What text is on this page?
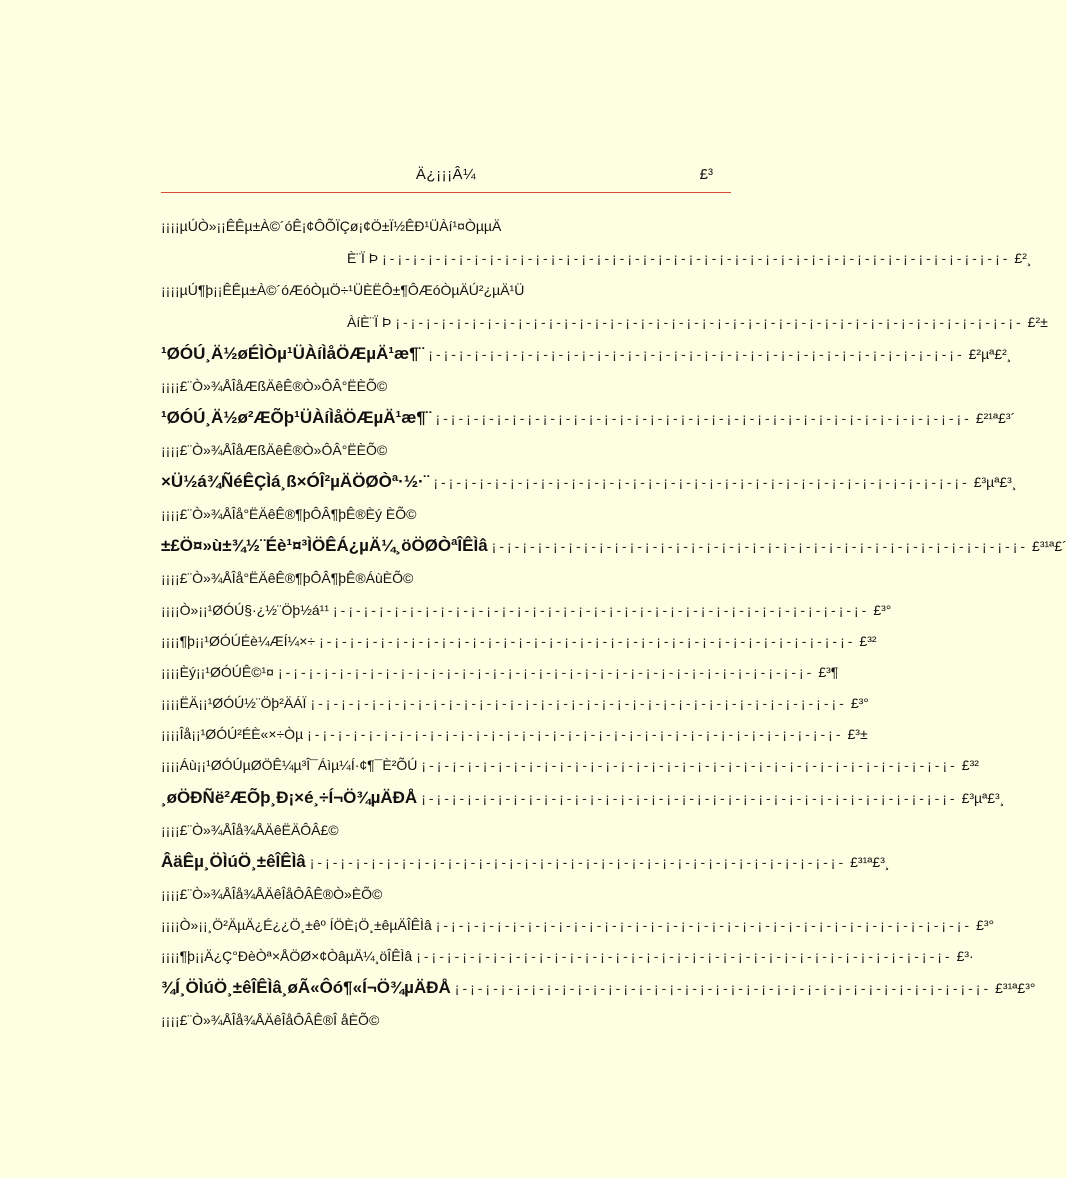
Ä¿¡¡¡Â¼	£³
¡¡¡¡µÚÒ»¡¡ÊÊµ±À©´óÊ¡¢ÔÕÏÇø¡¢Ö±Ï½ÊÐ¹ÜÀí¹¤ÒµµÄ
È¨Ï Þ ¡-¡-¡-¡-¡-¡-¡-¡-¡-¡-¡-¡-¡-¡-¡-¡-¡-¡-¡-¡-¡-¡-¡-¡-¡-¡-¡-¡-¡-¡-¡-¡-¡-¡-¡-¡-¡-¡-¡-¡-¡- £²¸
¡¡¡¡µÚ¶þ¡¡ÊÊµ±À©´óÆóÒµÖ÷¹ÜÈËÔ±¶ÔÆóÒµÄÚ²¿µÄ¹Ü
ÀíÈ¨Ï Þ ¡-¡-¡-¡-¡-¡-¡-¡-¡-¡-¡-¡-¡-¡-¡-¡-¡-¡-¡-¡-¡-¡-¡-¡-¡-¡-¡-¡-¡-¡-¡-¡-¡-¡-¡-¡-¡-¡-¡-¡-¡- £²±
¹ØÓÚ¸Ä½øÉÌÒµ¹ÜÀíÌåÖÆµÄ¹æ¶¨ ¡-¡-¡-¡-¡-¡-¡-¡-¡-¡-¡-¡-¡-¡-¡-¡-¡-¡-¡-¡-¡-¡-¡-¡-¡-¡-¡-¡-¡-¡-¡-¡-¡-¡-¡- £²µª£²¸
¡¡¡¡£¨Ò»¾ÅÎåÆßÄêÊ®Ò»ÔÂ°ËÈÕ©
¹ØÓÚ¸Ä½ø²ÆÕþ¹ÜÀíÌåÖÆµÄ¹æ¶¨ ¡-¡-¡-¡-¡-¡-¡-¡-¡-¡-¡-¡-¡-¡-¡-¡-¡-¡-¡-¡-¡-¡-¡-¡-¡-¡-¡-¡-¡-¡-¡-¡-¡-¡-¡- £²¹ª£³´
¡¡¡¡£¨Ò»¾ÅÎåÆßÄêÊ®Ò»ÔÂ°ËÈÕ©
×Ü½á¾ÑéÊÇÌá¸ß×ÓÎ²µÄÖØÒª·½·¨ ¡-¡-¡-¡-¡-¡-¡-¡-¡-¡-¡-¡-¡-¡-¡-¡-¡-¡-¡-¡-¡-¡-¡-¡-¡-¡-¡-¡-¡-¡-¡-¡-¡-¡-¡- £³µª£³¸
¡¡¡¡£¨Ò»¾ÅÎå°ËÄêÊ®¶þÔÂ¶þÊ®Èý ÈÕ©
±£Ö¤»ù±¾½¨Éè¹¤³ÌÖÊÁ¿µÄ¼¸öÖØÒªÎÊÌâ ¡-¡-¡-¡-¡-¡-¡-¡-¡-¡-¡-¡-¡-¡-¡-¡-¡-¡-¡-¡-¡-¡-¡-¡-¡-¡-¡-¡-¡-¡-¡-¡-¡-¡-¡- £³¹ª£´
¡¡¡¡£¨Ò»¾ÅÎå°ËÄêÊ®¶þÔÂ¶þÊ®ÁùÈÕ©
¡¡¡¡Ò»¡¡¹ØÓÚ§·¿½¨Öþ½á¹¹ ¡-¡-¡-¡-¡-¡-¡-¡-¡-¡-¡-¡-¡-¡-¡-¡-¡-¡-¡-¡-¡-¡-¡-¡-¡-¡-¡-¡-¡-¡-¡-¡-¡-¡-¡- £³°
¡¡¡¡¶þ¡¡¹ØÓÚÉè¼ÆÍ¼×÷ ¡-¡-¡-¡-¡-¡-¡-¡-¡-¡-¡-¡-¡-¡-¡-¡-¡-¡-¡-¡-¡-¡-¡-¡-¡-¡-¡-¡-¡-¡-¡-¡-¡-¡-¡- £³²
¡¡¡¡Èý¡¡¹ØÓÚÊ©¹¤ ¡-¡-¡-¡-¡-¡-¡-¡-¡-¡-¡-¡-¡-¡-¡-¡-¡-¡-¡-¡-¡-¡-¡-¡-¡-¡-¡-¡-¡-¡-¡-¡-¡-¡-¡- £³¶
¡¡¡¡ËÄ¡¡¹ØÓÚ½¨Öþ²ÄÁÏ ¡-¡-¡-¡-¡-¡-¡-¡-¡-¡-¡-¡-¡-¡-¡-¡-¡-¡-¡-¡-¡-¡-¡-¡-¡-¡-¡-¡-¡-¡-¡-¡-¡-¡-¡- £³°
¡¡¡¡Îå¡¡¹ØÓÚ²ÉÈ«×÷Òµ ¡-¡-¡-¡-¡-¡-¡-¡-¡-¡-¡-¡-¡-¡-¡-¡-¡-¡-¡-¡-¡-¡-¡-¡-¡-¡-¡-¡-¡-¡-¡-¡-¡-¡-¡- £³±
¡¡¡¡Áù¡¡¹ØÓÚµØÖÊ¼µ³Î¯Áìµ¼Í·¢¶¯È²ÕÚ ¡-¡-¡-¡-¡-¡-¡-¡-¡-¡-¡-¡-¡-¡-¡-¡-¡-¡-¡-¡-¡-¡-¡-¡-¡-¡-¡-¡-¡-¡-¡-¡-¡-¡-¡- £³²
¸øÖÐÑë²ÆÕþ¸Ð¡×é¸÷Í¬Ö¾µÄÐÅ ¡-¡-¡-¡-¡-¡-¡-¡-¡-¡-¡-¡-¡-¡-¡-¡-¡-¡-¡-¡-¡-¡-¡-¡-¡-¡-¡-¡-¡-¡-¡-¡-¡-¡-¡- £³µª£³¸
¡¡¡¡£¨Ò»¾ÅÎå¾ÅÄêËÄÔÂ£©
ÂäÊµ¸ÖÌúÖ¸±êÎÊÌâ ¡-¡-¡-¡-¡-¡-¡-¡-¡-¡-¡-¡-¡-¡-¡-¡-¡-¡-¡-¡-¡-¡-¡-¡-¡-¡-¡-¡-¡-¡-¡-¡-¡-¡-¡- £³¹ª£³¸
¡¡¡¡£¨Ò»¾ÅÎå¾ÅÄêÎåÔÂÊ®Ò»ÈÕ©
¡¡¡¡Ò»¡¡¸Ö²ÄµÄ¿É¿¿Ö¸±êº ÍÖÈ¡Ö¸±êµÄÎÊÌâ ¡-¡-¡-¡-¡-¡-¡-¡-¡-¡-¡-¡-¡-¡-¡-¡-¡-¡-¡-¡-¡-¡-¡-¡-¡-¡-¡-¡-¡-¡-¡-¡-¡-¡-¡- £³°
¡¡¡¡¶þ¡¡Ä¿Ç°ÐèÒª×ÅÖØ×¢ÒâµÄ¼¸öÎÊÌâ ¡-¡-¡-¡-¡-¡-¡-¡-¡-¡-¡-¡-¡-¡-¡-¡-¡-¡-¡-¡-¡-¡-¡-¡-¡-¡-¡-¡-¡-¡-¡-¡-¡-¡-¡- £³·
¾Í¸ÖÌúÖ¸±êÎÊÌâ¸øÃ«Ôó¶«Í¬Ö¾µÄÐÅ ¡-¡-¡-¡-¡-¡-¡-¡-¡-¡-¡-¡-¡-¡-¡-¡-¡-¡-¡-¡-¡-¡-¡-¡-¡-¡-¡-¡-¡-¡-¡-¡-¡-¡-¡- £³¹ª£³°
¡¡¡¡£¨Ò»¾ÅÎå¾ÅÄêÎåÔÂÊ®Î åÈÕ©
